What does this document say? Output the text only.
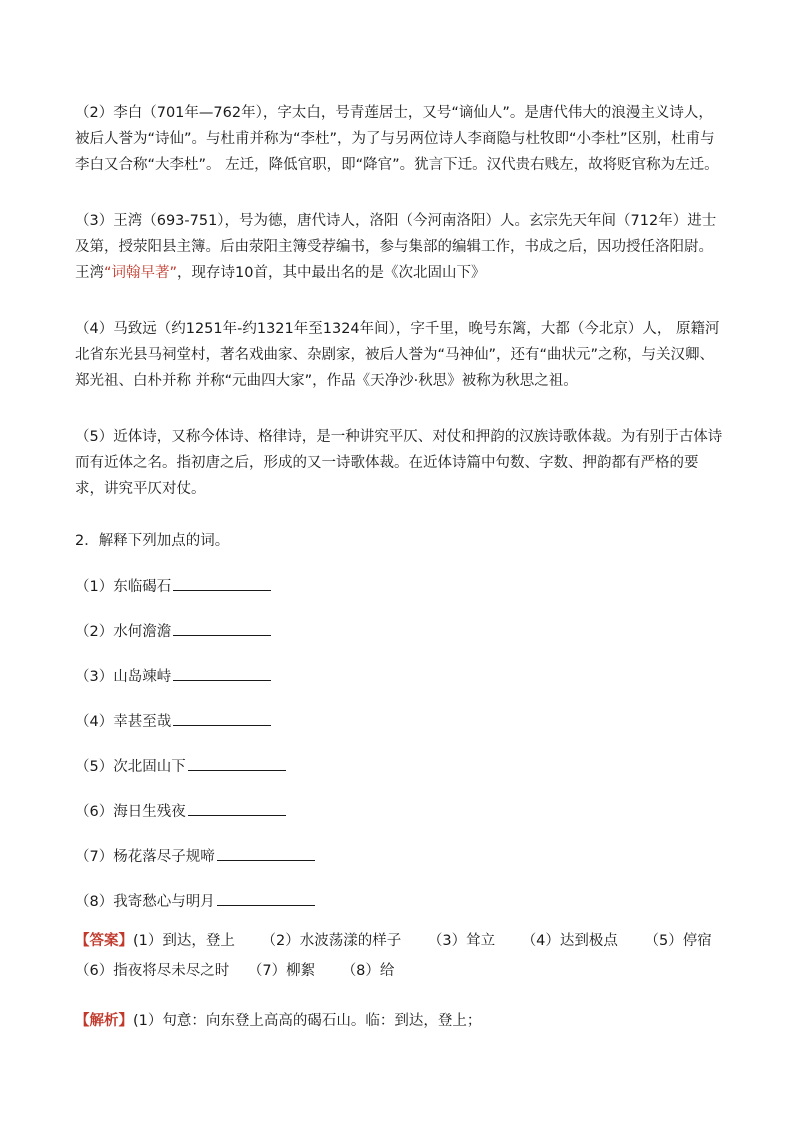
（2）李白（701年—762年），字太白，号青莲居士，又号“谪仙人”。是唐代伟大的浪漫主义诗人，被后人誉为“诗仙”。与杜甫并称为“李杜”，为了与另两位诗人李商隐与杜牧即“小李杜”区别，杜甫与李白又合称“大李杜”。 左迁，降低官职，即“降官”。犹言下迁。汉代贵右贱左，故将贬官称为左迁。
（3）王湾（693-751），号为德，唐代诗人，洛阳（今河南洛阳）人。玄宗先天年间（712年）进士及第，授荥阳县主簿。后由荥阳主簿受荐编书，参与集部的编辑工作，书成之后，因功授任洛阳尉。王湾“词翰早著”，现存诗10首，其中最出名的是《次北固山下》
（4）马致远（约1251年-约1321年至1324年间），字千里，晚号东篱，大都（今北京）人， 原籍河北省东光县马祠堂村，著名戏曲家、杂剧家，被后人誉为“马神仙”，还有“曲状元”之称，与关汉卿、郑光祖、白朴并称 并称“元曲四大家”，作品《天净沙·秋思》被称为秋思之祖。
（5）近体诗，又称今体诗、格律诗，是一种讲究平仄、对仗和押韵的汉族诗歌体裁。为有别于古体诗而有近体之名。指初唐之后，形成的又一诗歌体裁。在近体诗篇中句数、字数、押韵都有严格的要求，讲究平仄对仗。
2．解释下列加点的词。
（1）东临碣石
（2）水何澹澹
（3）山岛竦峙
（4）幸甚至哉
（5）次北固山下
（6）海日生残夜
（7）杨花落尽子规啼
（8）我寄愁心与明月
【答案】(1）到达，登上 （2）水波荡漾的样子 （3）耸立 （4）达到极点 （5）停宿
（6）指夜将尽未尽之时 （7）柳絮 （8）给
【解析】(1）句意：向东登上高高的碣石山。临：到达，登上；
